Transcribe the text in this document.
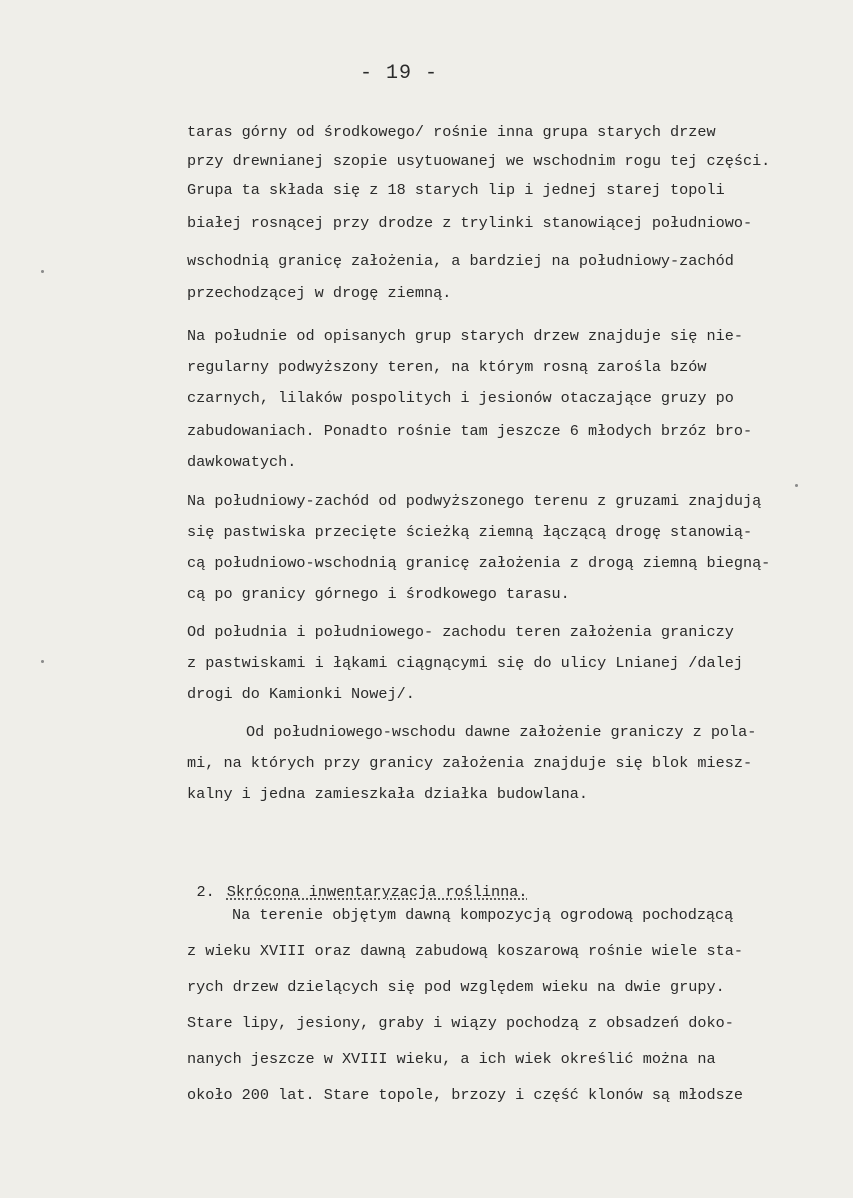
- 19 -
taras górny od środkowego/ rośnie inna grupa starych drzew
przy drewnianej szopie usytuowanej we wschodnim rogu tej części.
Grupa ta składa się z 18 starych lip i jednej starej topoli
białej rosnącej przy drodze z trylinki stanowiącej południowo-
wschodnią granicę założenia, a bardziej na południowy-zachód
przechodzącej w drogę ziemną.
Na południe od opisanych grup starych drzew znajduje się nie-
regularny podwyższony teren, na którym rosną zarośla bzów
czarnych, lilaków pospolitych i jesionów otaczające gruzy po
zabudowaniach. Ponadto rośnie tam jeszcze 6 młodych brzóz bro-
dawkowatych.
Na południowy-zachód od podwyższonego terenu z gruzami znajdują
się pastwiska przecięte ścieżką ziemną łączącą drogę stanowią-
cą południowo-wschodnią granicę założenia z drogą ziemną biegną-
cą po granicy górnego i środkowego tarasu.
Od południa i południowego- zachodu teren założenia graniczy
z pastwiskami i łąkami ciągnącymi się do ulicy Lnianej /dalej
drogi do Kamionki Nowej/.
Od południowego-wschodu dawne założenie graniczy z pola-
mi, na których przy granicy założenia znajduje się blok miesz-
kalny i jedna zamieszkała działka budowlana.

2. Skrócona inwentaryzacja roślinna.

Na terenie objętym dawną kompozycją ogrodową pochodzącą
z wieku XVIII oraz dawną zabudową koszarową rośnie wiele sta-
rych drzew dzielących się pod względem wieku na dwie grupy.
Stare lipy, jesiony, graby i wiązy pochodzą z obsadzeń doko-
nanych jeszcze w XVIII wieku, a ich wiek określić można na
około 200 lat. Stare topole, brzozy i część klonów są młodsze
